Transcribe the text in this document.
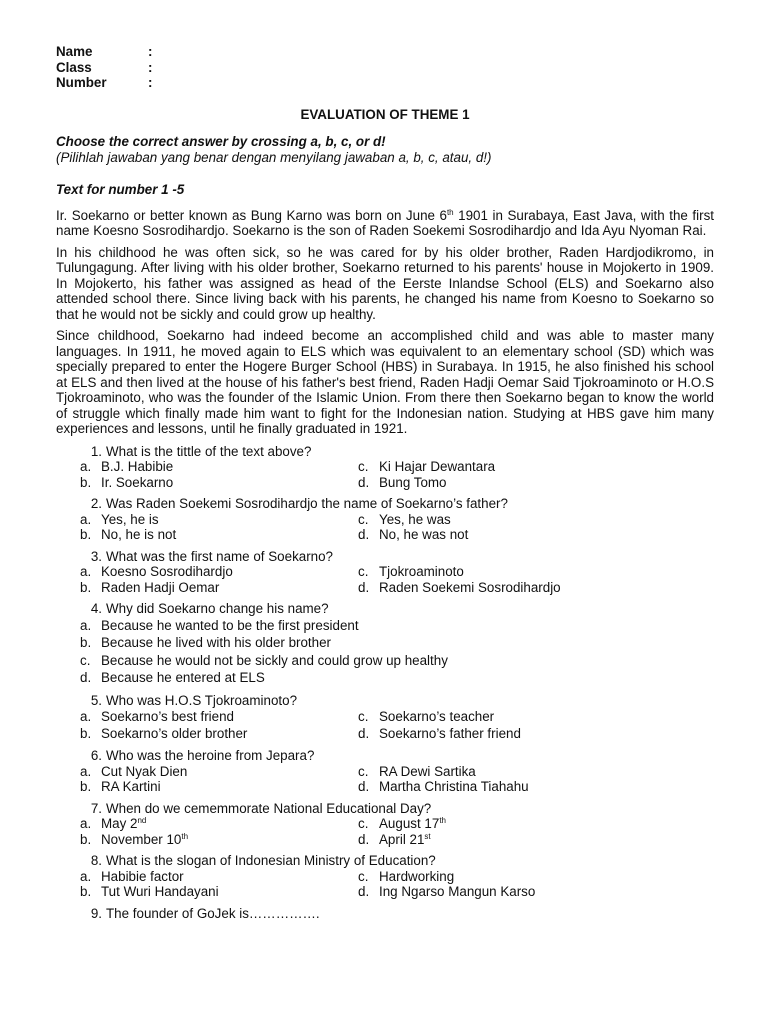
Name	:
Class	:
Number	:
EVALUATION OF THEME 1
Choose the correct answer by crossing a, b, c, or d!
(Pilihlah jawaban yang benar dengan menyilang jawaban a, b, c, atau, d!)
Text for number 1 -5

Ir. Soekarno or better known as Bung Karno was born on June 6th 1901 in Surabaya, East Java, with the first name Koesno Sosrodihardjo. Soekarno is the son of Raden Soekemi Sosrodihardjo and Ida Ayu Nyoman Rai.

In his childhood he was often sick, so he was cared for by his older brother, Raden Hardjodikromo, in Tulungagung. After living with his older brother, Soekarno returned to his parents' house in Mojokerto in 1909. In Mojokerto, his father was assigned as head of the Eerste Inlandse School (ELS) and Soekarno also attended school there. Since living back with his parents, he changed his name from Koesno to Soekarno so that he would not be sickly and could grow up healthy.

Since childhood, Soekarno had indeed become an accomplished child and was able to master many languages. In 1911, he moved again to ELS which was equivalent to an elementary school (SD) which was specially prepared to enter the Hogere Burger School (HBS) in Surabaya. In 1915, he also finished his school at ELS and then lived at the house of his father's best friend, Raden Hadji Oemar Said Tjokroaminoto or H.O.S Tjokroaminoto, who was the founder of the Islamic Union. From there then Soekarno began to know the world of struggle which finally made him want to fight for the Indonesian nation. Studying at HBS gave him many experiences and lessons, until he finally graduated in 1921.

1. What is the tittle of the text above?
a. B.J. Habibie	c. Ki Hajar Dewantara
b. Ir. Soekarno	d. Bung Tomo
2. Was Raden Soekemi Sosrodihardjo the name of Soekarno’s father?
a. Yes, he is	c. Yes, he was
b. No, he is not	d. No, he was not
3. What was the first name of Soekarno?
a. Koesno Sosrodihardjo	c. Tjokroaminoto
b. Raden Hadji Oemar	d. Raden Soekemi Sosrodihardjo
4. Why did Soekarno change his name?
a. Because he wanted to be the first president
b. Because he lived with his older brother
c. Because he would not be sickly and could grow up healthy
d. Because he entered at ELS
5. Who was H.O.S Tjokroaminoto?
a. Soekarno’s best friend	c. Soekarno’s teacher
b. Soekarno’s older brother	d. Soekarno’s father friend
6. Who was the heroine from Jepara?
a. Cut Nyak Dien	c. RA Dewi Sartika
b. RA Kartini	d. Martha Christina Tiahahu
7. When do we cememmorate National Educational Day?
a. May 2nd	c. August 17th
b. November 10th	d. April 21st
8. What is the slogan of Indonesian Ministry of Education?
a. Habibie factor	c. Hardworking
b. Tut Wuri Handayani	d. Ing Ngarso Mangun Karso
9. The founder of GoJek is…………….
